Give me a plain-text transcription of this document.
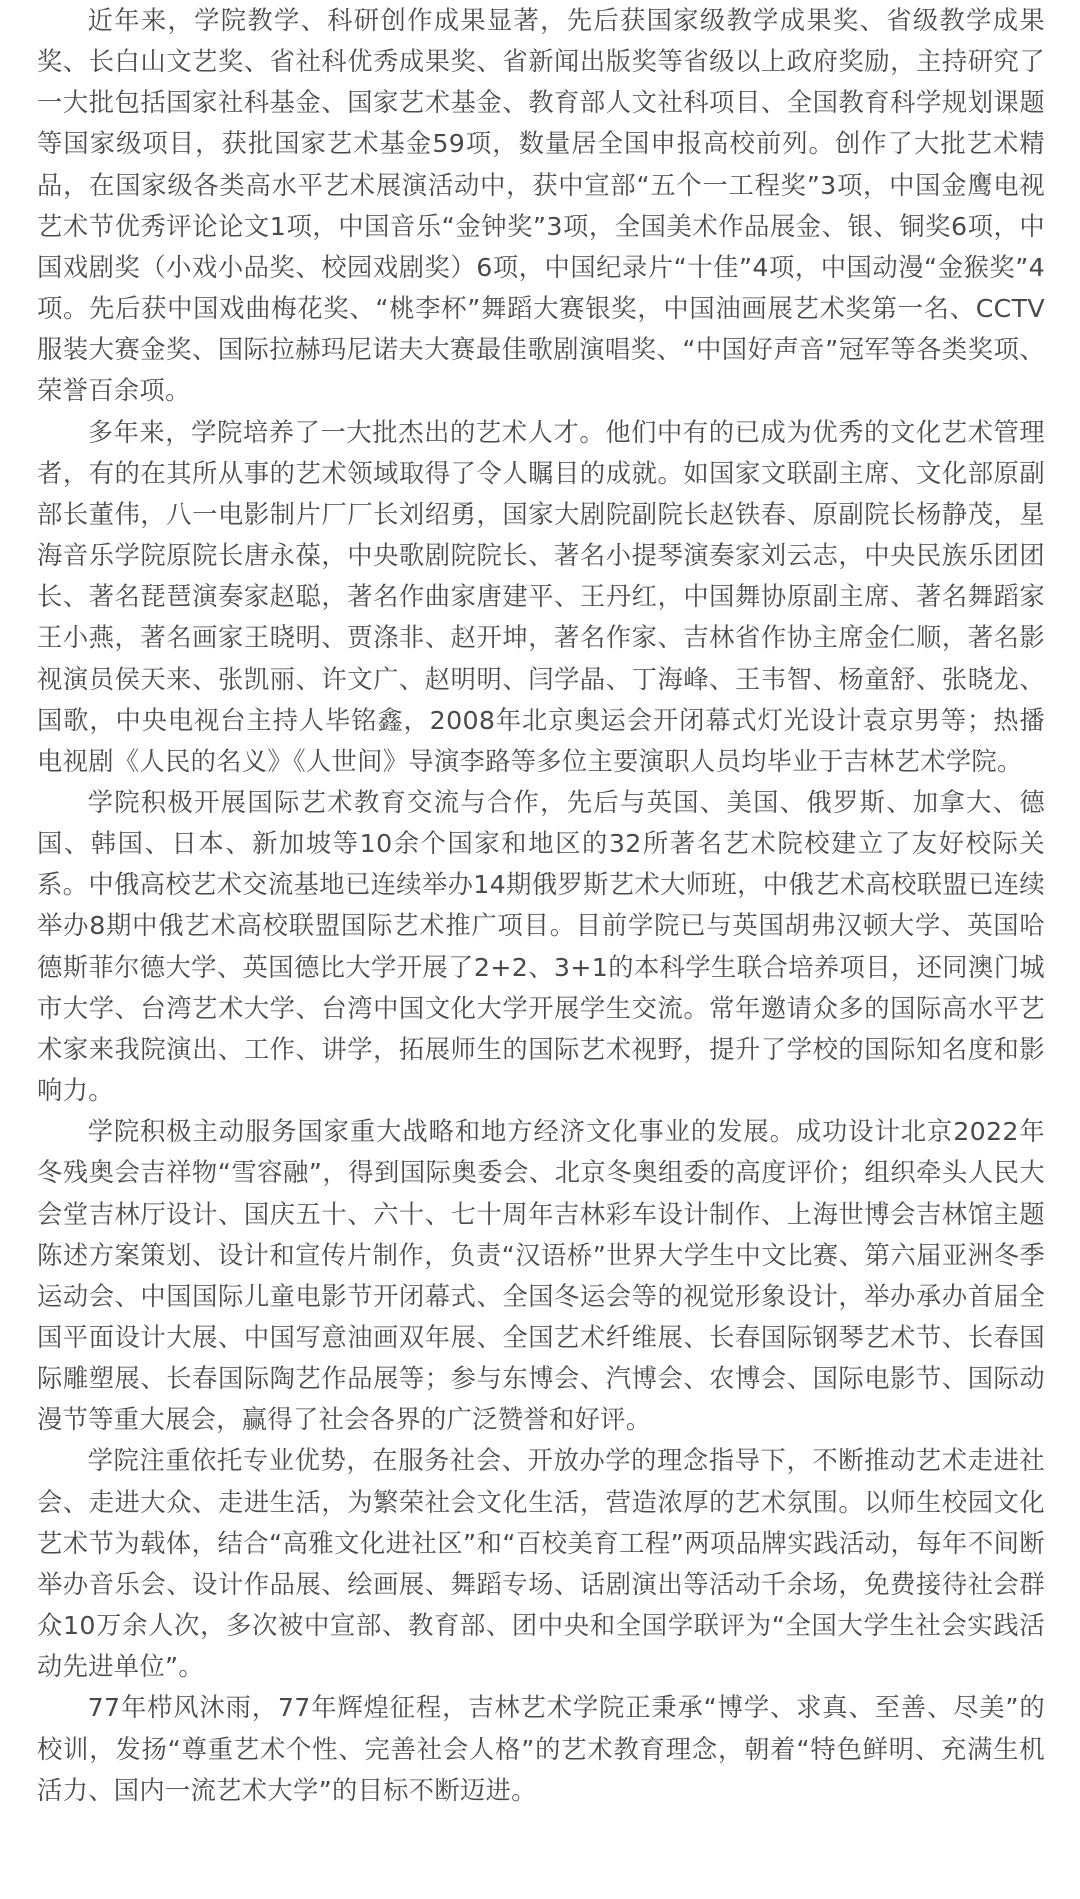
近年来，学院教学、科研创作成果显著，先后获国家级教学成果奖、省级教学成果奖、长白山文艺奖、省社科优秀成果奖、省新闻出版奖等省级以上政府奖励，主持研究了一大批包括国家社科基金、国家艺术基金、教育部人文社科项目、全国教育科学规划课题等国家级项目，获批国家艺术基金59项，数量居全国申报高校前列。创作了大批艺术精品，在国家级各类高水平艺术展演活动中，获中宣部“五个一工程奖”3项，中国金鹰电视艺术节优秀评论论文1项，中国音乐“金钟奖”3项，全国美术作品展金、银、铜奖6项，中国戏剧奖（小戏小品奖、校园戏剧奖）6项，中国纪录片“十佳”4项，中国动漫“金猴奖”4项。先后获中国戏曲梅花奖、“桃李杯”舞蹈大赛银奖，中国油画展艺术奖第一名、CCTV服装大赛金奖、国际拉赫玛尼诺夫大赛最佳歌剧演唱奖、“中国好声音”冠军等各类奖项、荣誉百余项。

多年来，学院培养了一大批杰出的艺术人才。他们中有的已成为优秀的文化艺术管理者，有的在其所从事的艺术领域取得了令人瞩目的成就。如国家文联副主席、文化部原副部长董伟，八一电影制片厂厂长刘绍勇，国家大剧院副院长赵铁春、原副院长杨静茂，星海音乐学院原院长唐永葆，中央歌剧院院长、著名小提琴演奏家刘云志，中央民族乐团团长、著名琵琶演奏家赵聪，著名作曲家唐建平、王丹红，中国舞协原副主席、著名舞蹈家王小燕，著名画家王晓明、贾涤非、赵开坤，著名作家、吉林省作协主席金仁顺，著名影视演员侯天来、张凯丽、许文广、赵明明、闫学晶、丁海峰、王韦智、杨童舒、张晓龙、国歌，中央电视台主持人毕铭鑫，2008年北京奥运会开闭幕式灯光设计袁京男等；热播电视剧《人民的名义》《人世间》导演李路等多位主要演职人员均毕业于吉林艺术学院。

学院积极开展国际艺术教育交流与合作，先后与英国、美国、俄罗斯、加拿大、德国、韩国、日本、新加坡等10余个国家和地区的32所著名艺术院校建立了友好校际关系。中俄高校艺术交流基地已连续举办14期俄罗斯艺术大师班，中俄艺术高校联盟已连续举办8期中俄艺术高校联盟国际艺术推广项目。目前学院已与英国胡弗汉顿大学、英国哈德斯菲尔德大学、英国德比大学开展了2+2、3+1的本科学生联合培养项目，还同澳门城市大学、台湾艺术大学、台湾中国文化大学开展学生交流。常年邀请众多的国际高水平艺术家来我院演出、工作、讲学，拓展师生的国际艺术视野，提升了学校的国际知名度和影响力。

学院积极主动服务国家重大战略和地方经济文化事业的发展。成功设计北京2022年冬残奥会吉祥物“雪容融”，得到国际奥委会、北京冬奥组委的高度评价；组织牵头人民大会堂吉林厅设计、国庆五十、六十、七十周年吉林彩车设计制作、上海世博会吉林馆主题陈述方案策划、设计和宣传片制作，负责“汉语桥”世界大学生中文比赛、第六届亚洲冬季运动会、中国国际儿童电影节开闭幕式、全国冬运会等的视觉形象设计，举办承办首届全国平面设计大展、中国写意油画双年展、全国艺术纤维展、长春国际钢琴艺术节、长春国际雕塑展、长春国际陶艺作品展等；参与东博会、汽博会、农博会、国际电影节、国际动漫节等重大展会，赢得了社会各界的广泛赞誉和好评。

学院注重依托专业优势，在服务社会、开放办学的理念指导下，不断推动艺术走进社会、走进大众、走进生活，为繁荣社会文化生活，营造浓厚的艺术氛围。以师生校园文化艺术节为载体，结合“高雅文化进社区”和“百校美育工程”两项品牌实践活动，每年不间断举办音乐会、设计作品展、绘画展、舞蹈专场、话剧演出等活动千余场，免费接待社会群众10万余人次，多次被中宣部、教育部、团中央和全国学联评为“全国大学生社会实践活动先进单位”。

77年栉风沐雨，77年辉煌征程，吉林艺术学院正秉承“博学、求真、至善、尽美”的校训，发扬“尊重艺术个性、完善社会人格”的艺术教育理念，朝着“特色鲜明、充满生机活力、国内一流艺术大学”的目标不断迈进。
